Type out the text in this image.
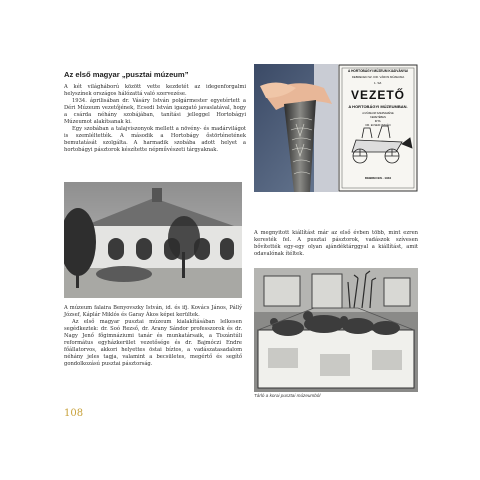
Az első magyar „pusztai múzeum”

A két világháború között vette kezdetét az idegenforgalmi helyszínek országos hálózattá való szervezése.

1934. áprilisában dr. Vásáry István polgármester egyetértett a Déri Múzeum vezetőjének, Ecsedi István igazgató javaslatával, hogy a csárda néhány szobájában, tanítási jelleggel Hortobágyi Múzeumot alakítsanak ki.

Egy szobában a talajviszonyok mellett a növény- és madárvilágot is szemléltették. A második a Hortobágy őstörténetének bemutatását szolgálta. A harmadik szobába adott helyet a hortobágyi pásztorok készítette népművészeti tárgyaknak.

A HORTOBÁGYI MÚZEUM KIADVÁNYAI
DEBRECEN SZ. KIR. VÁROS MÚZEUMA
1. SZ.
VEZETŐ
A HORTOBÁGYI MÚZEUMBAN.
A MÚZEUM SZERVEZÉSE
KERETÉBEN
IRTA:
DR. ECSEDI ISTVÁN
DEBRECEN · 1934

A megnyitott kiállítást már az első évben több, mint ezren keresték fel. A pusztai pásztorok, vadászok szívesen bővítették egy-egy olyan ajándéktárggyal a kiállítást, amit odavalónak ítéltek.

A múzeum falaira Benyovszky István, id. és ifj. Kovács János, Pállý József, Káplár Miklós és Garay Ákos képei kerültek.

Az első magyar pusztai múzeum kialakításában lelkesen segédkeztek: dr. Soó Rezső, dr. Arany Sándor professzorok és dr. Nagy Jenő főgimnáziumi tanár és munkatársaik, a Tiszántúli református egyházkerület vezetősége és dr. Bajmóczi Endre főállatorvos, akkori helyettes östai bíztos, a vadászatasadalom néhány jeles tagja, valamint a becsületes, megértő és segítő gondolkozású pusztai pásztorság.

Tárló a korai pusztai múzeumból
108
